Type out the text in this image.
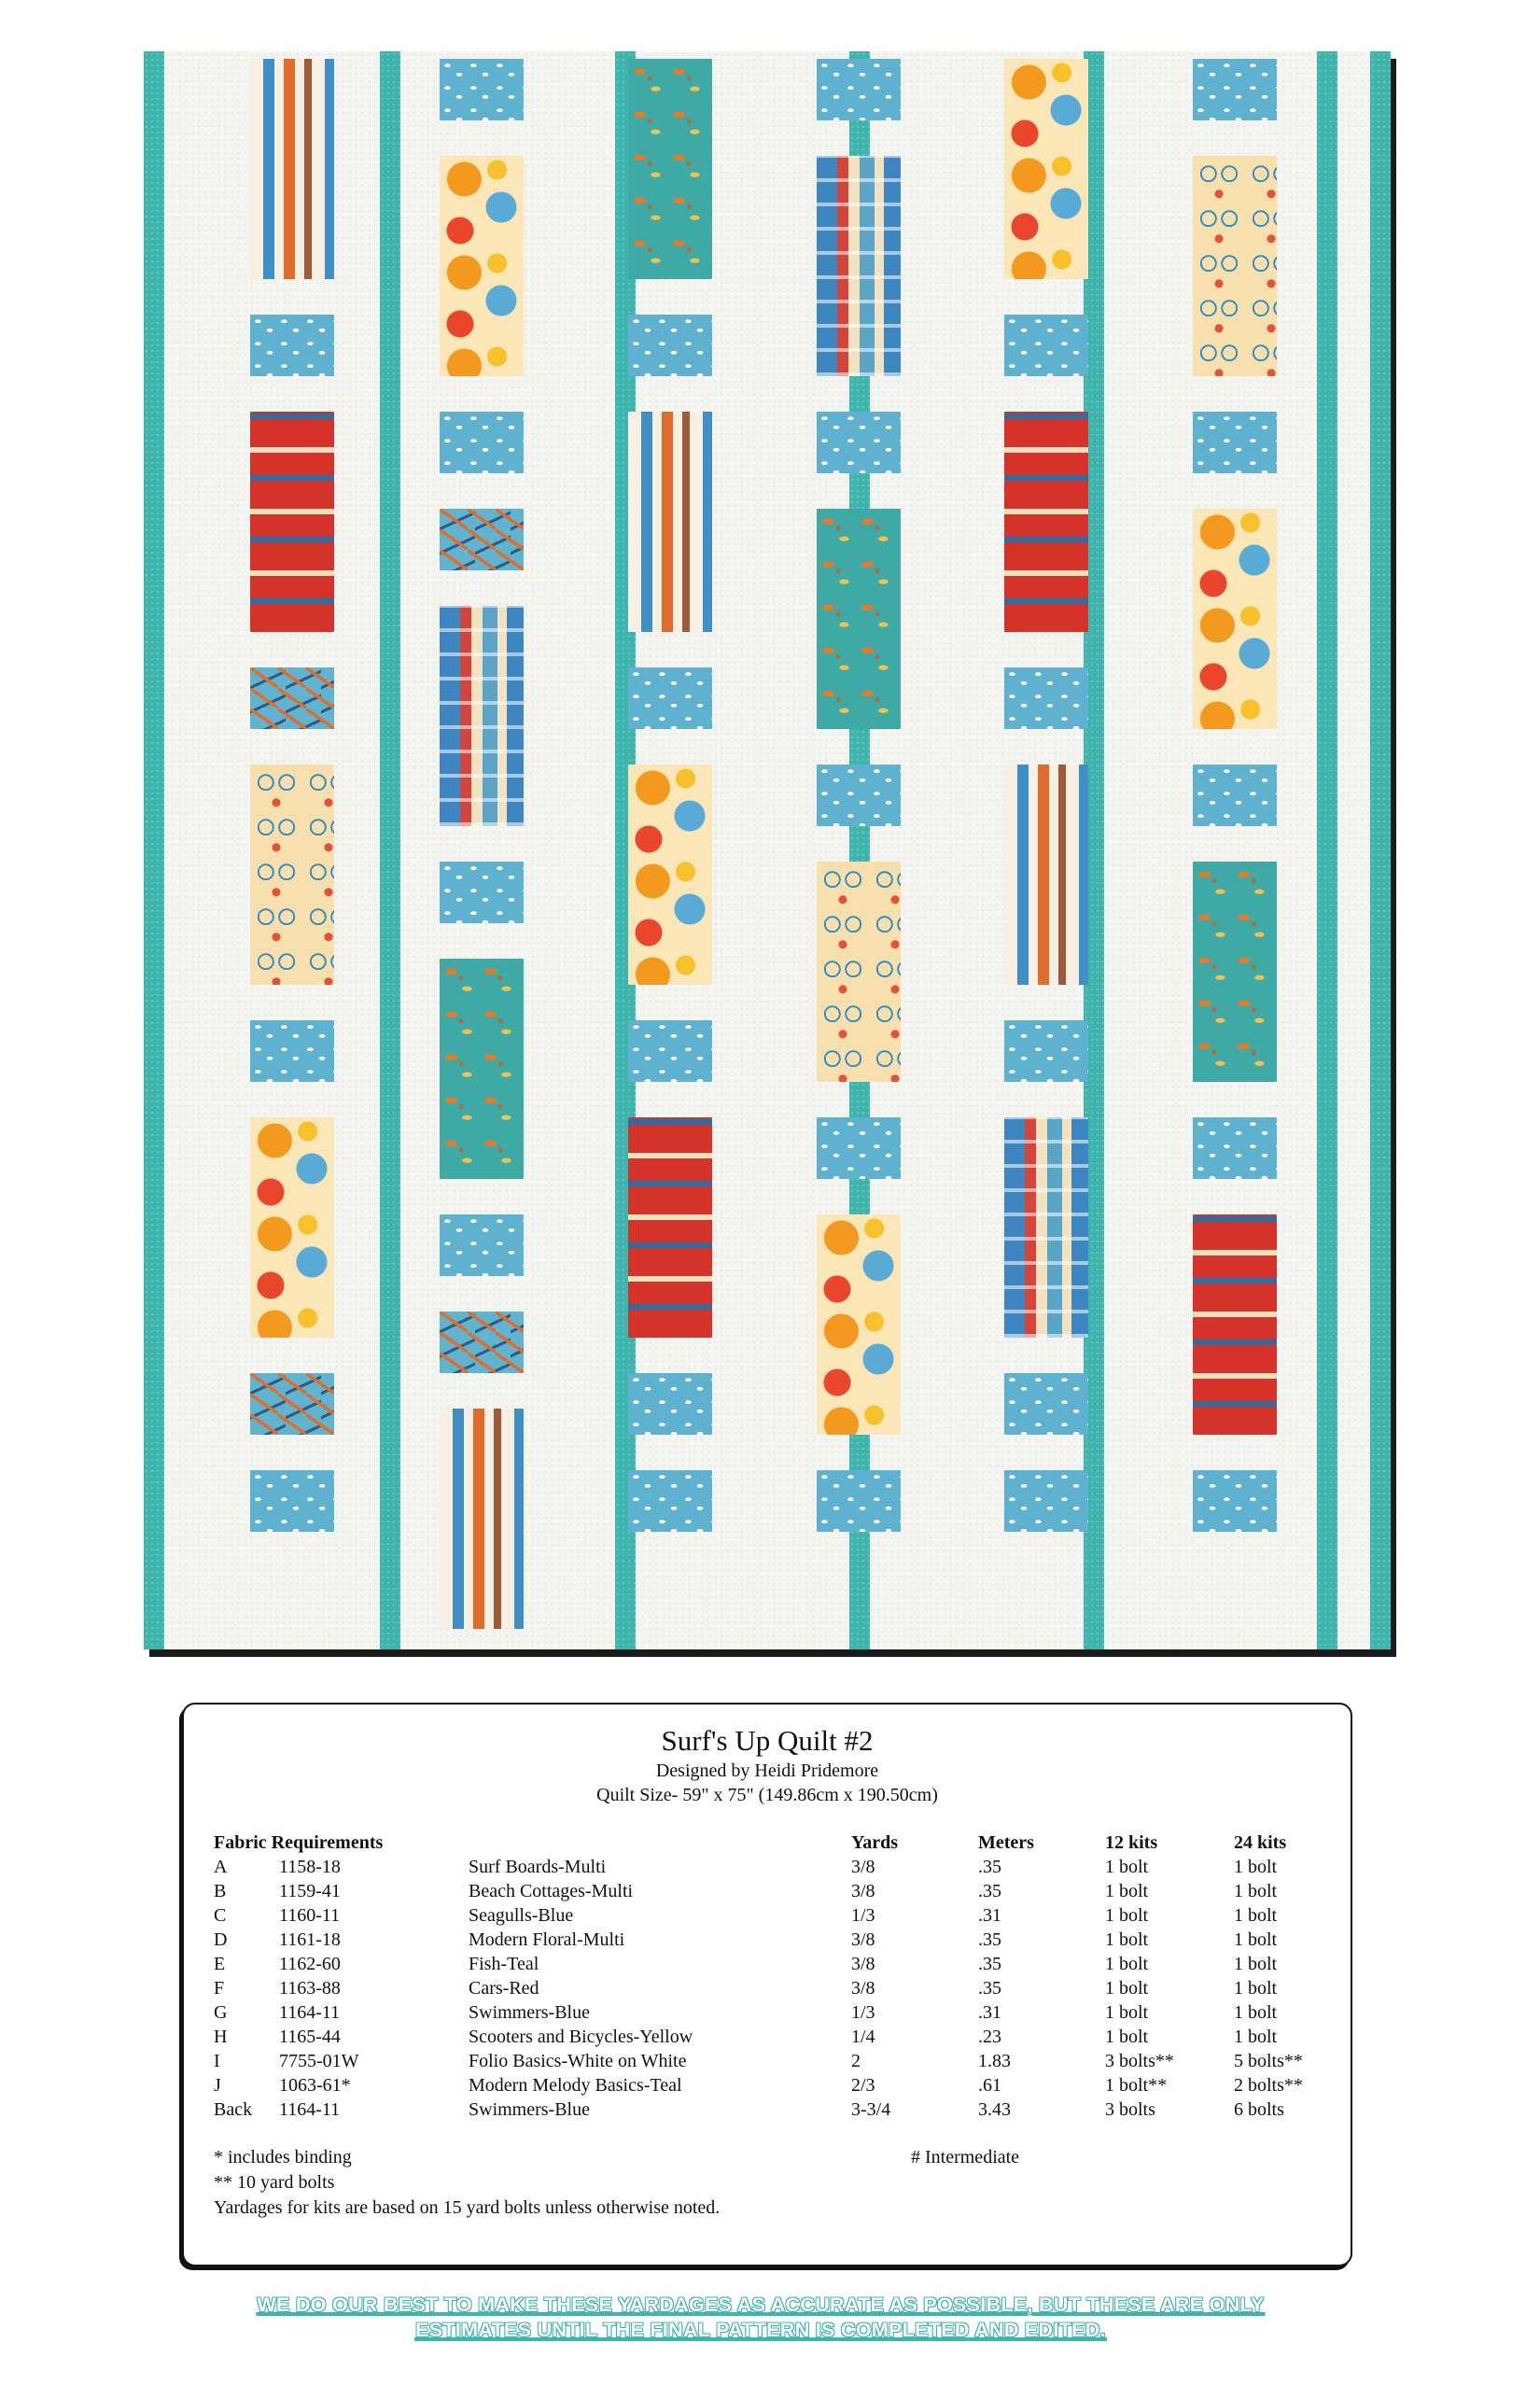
Surf's Up Quilt #2
Designed by Heidi Pridemore
Quilt Size- 59" x 75" (149.86cm x 190.50cm)
Fabric Requirements			Yards	Meters	12 kits	24 kits
A	1158-18	Surf Boards-Multi	3/8	.35	1 bolt	1 bolt
B	1159-41	Beach Cottages-Multi	3/8	.35	1 bolt	1 bolt
C	1160-11	Seagulls-Blue	1/3	.31	1 bolt	1 bolt
D	1161-18	Modern Floral-Multi	3/8	.35	1 bolt	1 bolt
E	1162-60	Fish-Teal	3/8	.35	1 bolt	1 bolt
F	1163-88	Cars-Red	3/8	.35	1 bolt	1 bolt
G	1164-11	Swimmers-Blue	1/3	.31	1 bolt	1 bolt
H	1165-44	Scooters and Bicycles-Yellow	1/4	.23	1 bolt	1 bolt
I	7755-01W	Folio Basics-White on White	2	1.83	3 bolts**	5 bolts**
J	1063-61*	Modern Melody Basics-Teal	2/3	.61	1 bolt**	2 bolts**
Back	1164-11	Swimmers-Blue	3-3/4	3.43	3 bolts	6 bolts
* includes binding
** 10 yard bolts
Yardages for kits are based on 15 yard bolts unless otherwise noted.
# Intermediate
WE DO OUR BEST TO MAKE THESE YARDAGES AS ACCURATE AS POSSIBLE, BUT THESE ARE ONLY
ESTIMATES UNTIL THE FINAL PATTERN IS COMPLETED AND EDITED.
